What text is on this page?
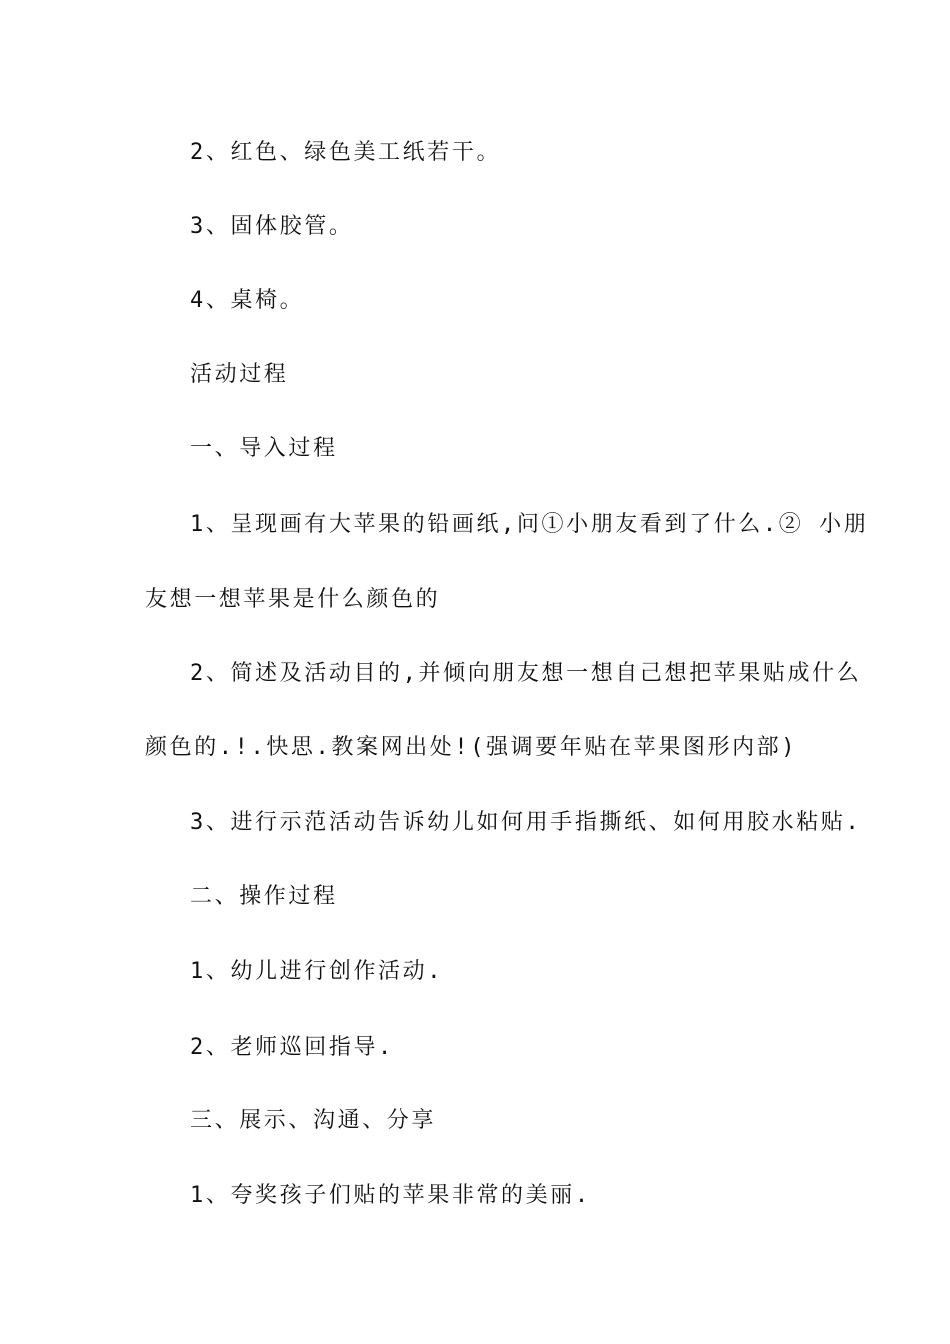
2、红色、绿色美工纸若干。

3、固体胶管。

4、桌椅。

活动过程

一、导入过程

1、呈现画有大苹果的铅画纸,问①小朋友看到了什么.② 小朋

友想一想苹果是什么颜色的

2、简述及活动目的,并倾向朋友想一想自己想把苹果贴成什么

颜色的.!.快思.教案网出处!(强调要年贴在苹果图形内部)

3、进行示范活动告诉幼儿如何用手指撕纸、如何用胶水粘贴.

二、操作过程

1、幼儿进行创作活动.

2、老师巡回指导.

三、展示、沟通、分享

1、夸奖孩子们贴的苹果非常的美丽.
